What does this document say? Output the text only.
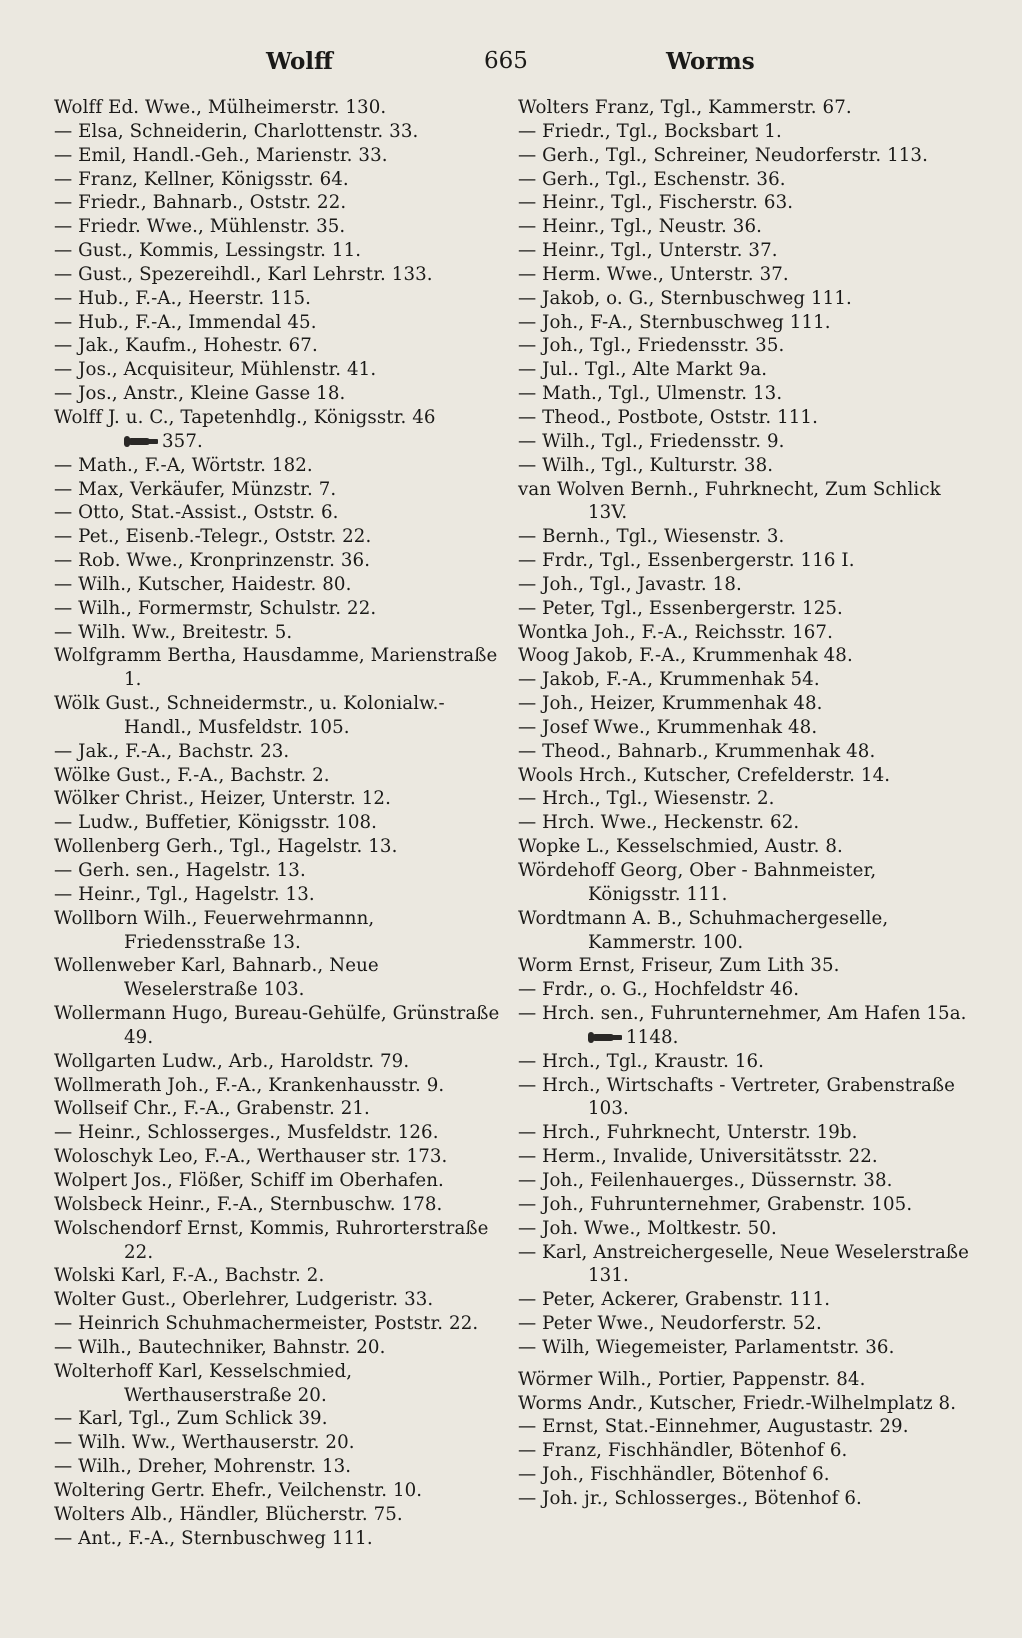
Wolff	665	Worms
Wolff Ed. Wwe., Mülheimerstr. 130.
— Elsa, Schneiderin, Charlottenstr. 33.
— Emil, Handl.-Geh., Marienstr. 33.
— Franz, Kellner, Königsstr. 64.
— Friedr., Bahnarb., Oststr. 22.
— Friedr. Wwe., Mühlenstr. 35.
— Gust., Kommis, Lessingstr. 11.
— Gust., Spezereihdl., Karl Lehrstr. 133.
— Hub., F.-A., Heerstr. 115.
— Hub., F.-A., Immendal 45.
— Jak., Kaufm., Hohestr. 67.
— Jos., Acquisiteur, Mühlenstr. 41.
— Jos., Anstr., Kleine Gasse 18.
Wolff J. u. C., Tapetenhdlg., Königsstr. 46
357.
— Math., F.-A, Wörtstr. 182.
— Max, Verkäufer, Münzstr. 7.
— Otto, Stat.-Assist., Oststr. 6.
— Pet., Eisenb.-Telegr., Oststr. 22.
— Rob. Wwe., Kronprinzenstr. 36.
— Wilh., Kutscher, Haidestr. 80.
— Wilh., Formermstr, Schulstr. 22.
— Wilh. Ww., Breitestr. 5.
Wolfgramm Bertha, Hausdamme, Marienstraße 1.
Wölk Gust., Schneidermstr., u. Kolonialw.-Handl., Musfeldstr. 105.
— Jak., F.-A., Bachstr. 23.
Wölke Gust., F.-A., Bachstr. 2.
Wölker Christ., Heizer, Unterstr. 12.
— Ludw., Buffetier, Königsstr. 108.
Wollenberg Gerh., Tgl., Hagelstr. 13.
— Gerh. sen., Hagelstr. 13.
— Heinr., Tgl., Hagelstr. 13.
Wollborn Wilh., Feuerwehrmannn, Friedensstraße 13.
Wollenweber Karl, Bahnarb., Neue Weselerstraße 103.
Wollermann Hugo, Bureau-Gehülfe, Grünstraße 49.
Wollgarten Ludw., Arb., Haroldstr. 79.
Wollmerath Joh., F.-A., Krankenhausstr. 9.
Wollseif Chr., F.-A., Grabenstr. 21.
— Heinr., Schlosserges., Musfeldstr. 126.
Woloschyk Leo, F.-A., Werthauser str. 173.
Wolpert Jos., Flößer, Schiff im Oberhafen.
Wolsbeck Heinr., F.-A., Sternbuschw. 178.
Wolschendorf Ernst, Kommis, Ruhrorterstraße 22.
Wolski Karl, F.-A., Bachstr. 2.
Wolter Gust., Oberlehrer, Ludgeristr. 33.
— Heinrich Schuhmachermeister, Poststr. 22.
— Wilh., Bautechniker, Bahnstr. 20.
Wolterhoff Karl, Kesselschmied, Werthauserstraße 20.
— Karl, Tgl., Zum Schlick 39.
— Wilh. Ww., Werthauserstr. 20.
— Wilh., Dreher, Mohrenstr. 13.
Woltering Gertr. Ehefr., Veilchenstr. 10.
Wolters Alb., Händler, Blücherstr. 75.
— Ant., F.-A., Sternbuschweg 111.
Wolters Franz, Tgl., Kammerstr. 67.
— Friedr., Tgl., Bocksbart 1.
— Gerh., Tgl., Schreiner, Neudorferstr. 113.
— Gerh., Tgl., Eschenstr. 36.
— Heinr., Tgl., Fischerstr. 63.
— Heinr., Tgl., Neustr. 36.
— Heinr., Tgl., Unterstr. 37.
— Herm. Wwe., Unterstr. 37.
— Jakob, o. G., Sternbuschweg 111.
— Joh., F-A., Sternbuschweg 111.
— Joh., Tgl., Friedensstr. 35.
— Jul.. Tgl., Alte Markt 9a.
— Math., Tgl., Ulmenstr. 13.
— Theod., Postbote, Oststr. 111.
— Wilh., Tgl., Friedensstr. 9.
— Wilh., Tgl., Kulturstr. 38.
van Wolven Bernh., Fuhrknecht, Zum Schlick 13V.
— Bernh., Tgl., Wiesenstr. 3.
— Frdr., Tgl., Essenbergerstr. 116 I.
— Joh., Tgl., Javastr. 18.
— Peter, Tgl., Essenbergerstr. 125.
Wontka Joh., F.-A., Reichsstr. 167.
Woog Jakob, F.-A., Krummenhak 48.
— Jakob, F.-A., Krummenhak 54.
— Joh., Heizer, Krummenhak 48.
— Josef Wwe., Krummenhak 48.
— Theod., Bahnarb., Krummenhak 48.
Wools Hrch., Kutscher, Crefelderstr. 14.
— Hrch., Tgl., Wiesenstr. 2.
— Hrch. Wwe., Heckenstr. 62.
Wopke L., Kesselschmied, Austr. 8.
Wördehoff Georg, Ober - Bahnmeister, Königsstr. 111.
Wordtmann A. B., Schuhmachergeselle, Kammerstr. 100.
Worm Ernst, Friseur, Zum Lith 35.
— Frdr., o. G., Hochfeldstr 46.
— Hrch. sen., Fuhrunternehmer, Am Hafen 15a.
1148.
— Hrch., Tgl., Kraustr. 16.
— Hrch., Wirtschafts - Vertreter, Grabenstraße 103.
— Hrch., Fuhrknecht, Unterstr. 19b.
— Herm., Invalide, Universitätsstr. 22.
— Joh., Feilenhauerges., Düssernstr. 38.
— Joh., Fuhrunternehmer, Grabenstr. 105.
— Joh. Wwe., Moltkestr. 50.
— Karl, Anstreichergeselle, Neue Weselerstraße 131.
— Peter, Ackerer, Grabenstr. 111.
— Peter Wwe., Neudorferstr. 52.
— Wilh, Wiegemeister, Parlamentstr. 36.
Wörmer Wilh., Portier, Pappenstr. 84.
Worms Andr., Kutscher, Friedr.-Wilhelmplatz 8.
— Ernst, Stat.-Einnehmer, Augustastr. 29.
— Franz, Fischhändler, Bötenhof 6.
— Joh., Fischhändler, Bötenhof 6.
— Joh. jr., Schlosserges., Bötenhof 6.
